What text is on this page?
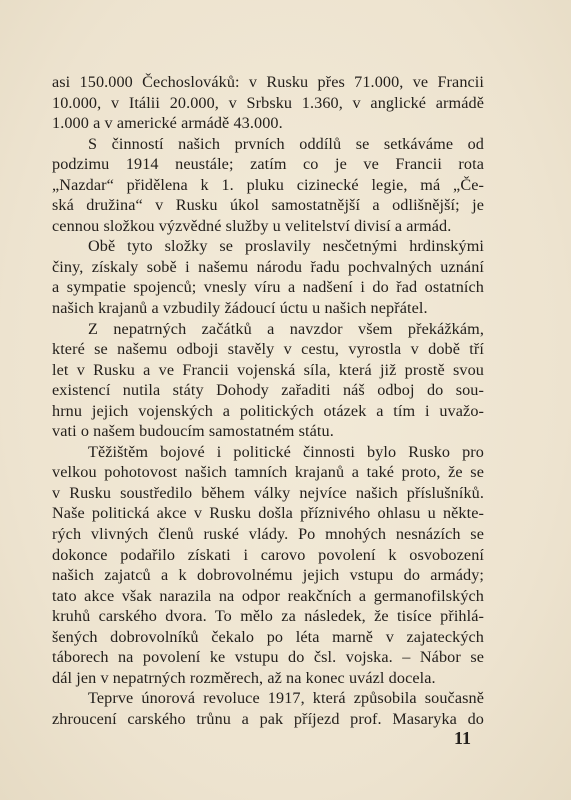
asi 150.000 Čechoslováků: v Rusku přes 71.000, ve Francii
10.000, v Itálii 20.000, v Srbsku 1.360, v anglické armádě
1.000 a v americké armádě 43.000.
S činností našich prvních oddílů se setkáváme od
podzimu 1914 neustále; zatím co je ve Francii rota
„Nazdar“ přidělena k 1. pluku cizinecké legie, má „Če-
ská družina“ v Rusku úkol samostatnější a odlišnější; je
cennou složkou výzvědné služby u velitelství divisí a armád.
Obě tyto složky se proslavily nesčetnými hrdinskými
činy, získaly sobě i našemu národu řadu pochvalných uznání
a sympatie spojenců; vnesly víru a nadšení i do řad ostatních
našich krajanů a vzbudily žádoucí úctu u našich nepřátel.
Z nepatrných začátků a navzdor všem překážkám,
které se našemu odboji stavěly v cestu, vyrostla v době tří
let v Rusku a ve Francii vojenská síla, která již prostě svou
existencí nutila státy Dohody zařaditi náš odboj do sou-
hrnu jejich vojenských a politických otázek a tím i uvažo-
vati o našem budoucím samostatném státu.
Těžištěm bojové i politické činnosti bylo Rusko pro
velkou pohotovost našich tamních krajanů a také proto, že se
v Rusku soustředilo během války nejvíce našich příslušníků.
Naše politická akce v Rusku došla příznivého ohlasu u někte-
rých vlivných členů ruské vlády. Po mnohých nesnázích se
dokonce podařilo získati i carovo povolení k osvobození
našich zajatců a k dobrovolnému jejich vstupu do armády;
tato akce však narazila na odpor reakčních a germanofilských
kruhů carského dvora. To mělo za následek, že tisíce přihlá-
šených dobrovolníků čekalo po léta marně v zajateckých
táborech na povolení ke vstupu do čsl. vojska. – Nábor se
dál jen v nepatrných rozměrech, až na konec uvázl docela.
Teprve únorová revoluce 1917, která způsobila současně
zhroucení carského trůnu a pak příjezd prof. Masaryka do
11
